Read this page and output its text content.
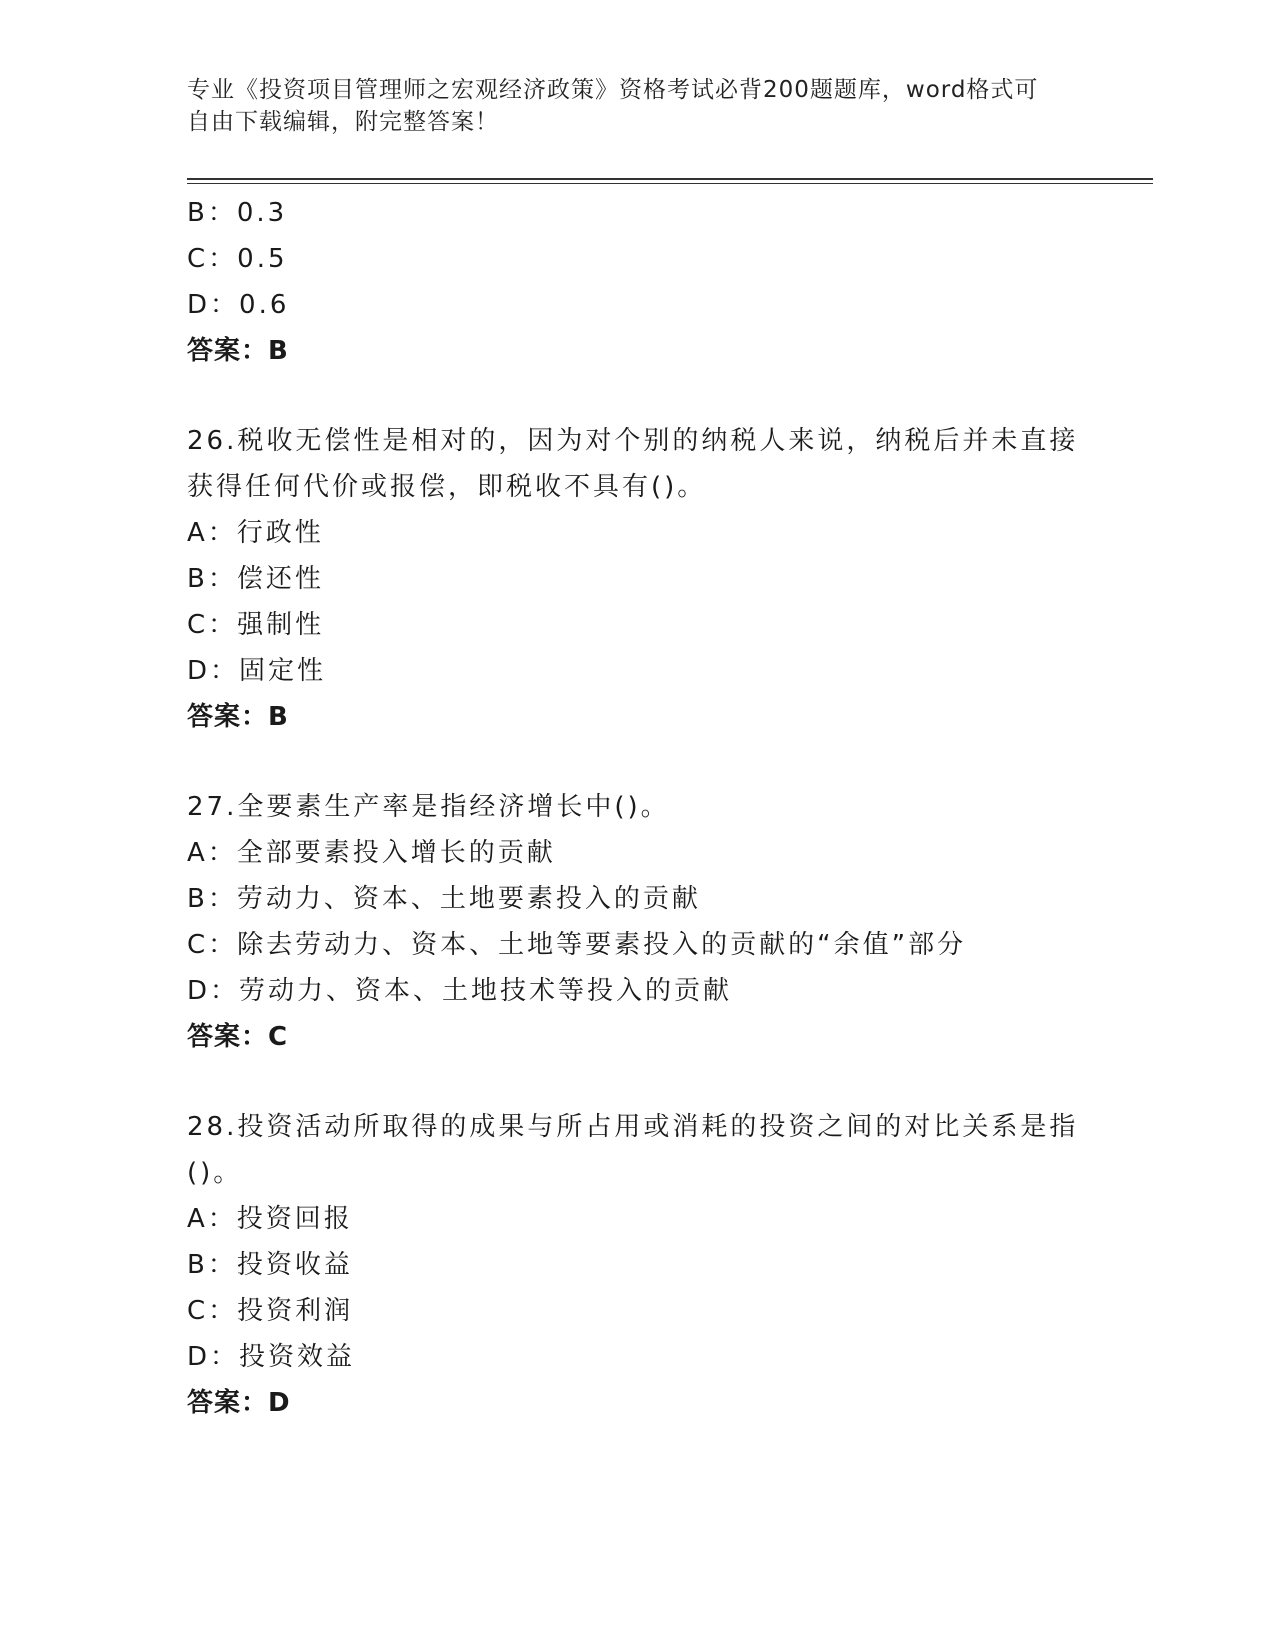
专业《投资项目管理师之宏观经济政策》资格考试必背200题题库，word格式可
自由下载编辑，附完整答案！
B：0.3
C：0.5
D：0.6
答案：B
26.税收无偿性是相对的，因为对个别的纳税人来说，纳税后并未直接
获得任何代价或报偿，即税收不具有()。
A：行政性
B：偿还性
C：强制性
D：固定性
答案：B
27.全要素生产率是指经济增长中()。
A：全部要素投入增长的贡献
B：劳动力、资本、土地要素投入的贡献
C：除去劳动力、资本、土地等要素投入的贡献的“余值”部分
D：劳动力、资本、土地技术等投入的贡献
答案：C
28.投资活动所取得的成果与所占用或消耗的投资之间的对比关系是指
()。
A：投资回报
B：投资收益
C：投资利润
D：投资效益
答案：D
